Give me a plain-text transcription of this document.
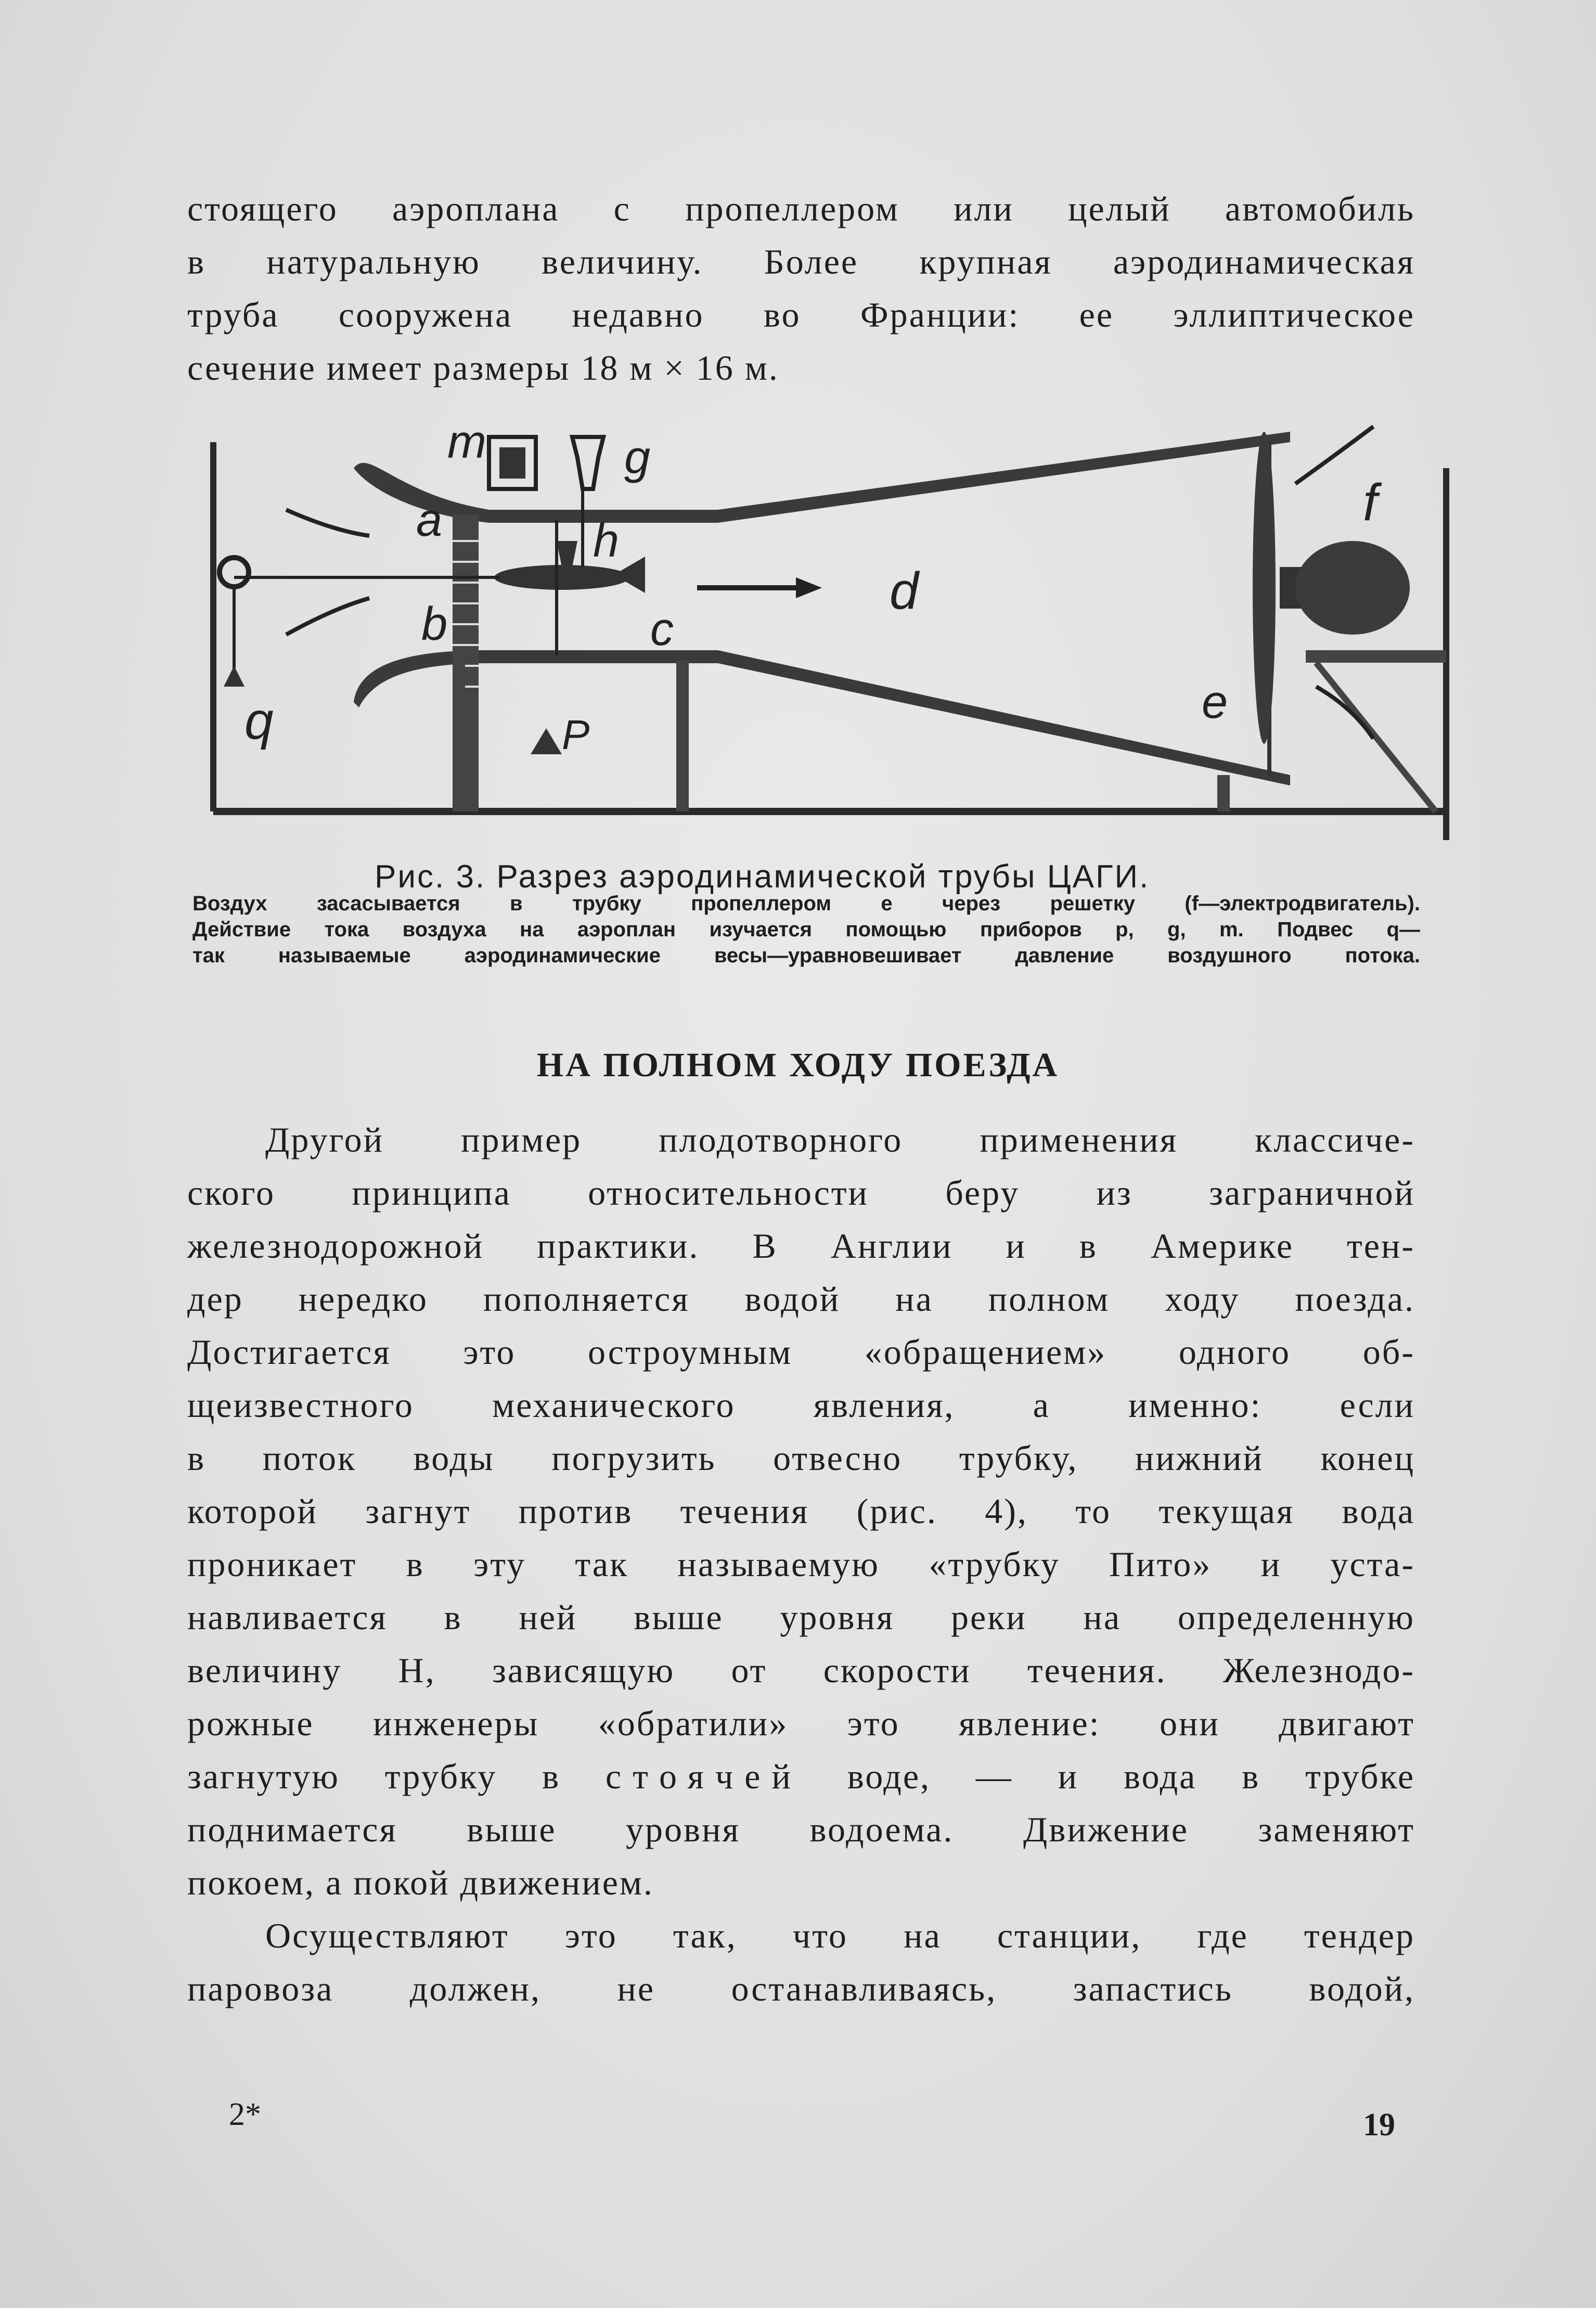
стоящего аэроплана с пропеллером или целый автомобиль
в натуральную величину. Более крупная аэродинамическая
труба сооружена недавно во Франции: ее эллиптическое
сечение имеет размеры 18 м × 16 м.
m	g
a	h
b	c
d
f
e
q	P
Рис. 3. Разрез аэродинамической трубы ЦАГИ.
Воздух засасывается в трубку пропеллером e через решетку (f—электродвигатель).
Действие тока воздуха на аэроплан изучается помощью приборов p, g, m. Подвес q—
так называемые аэродинамические весы—уравновешивает давление воздушного потока.
НА ПОЛНОМ ХОДУ ПОЕЗДА
Другой пример плодотворного применения классиче-
ского принципа относительности беру из заграничной
железнодорожной практики. В Англии и в Америке тен-
дер нередко пополняется водой на полном ходу поезда.
Достигается это остроумным «обращением» одного об-
щеизвестного механического явления, а именно: если
в поток воды погрузить отвесно трубку, нижний конец
которой загнут против течения (рис. 4), то текущая вода
проникает в эту так называемую «трубку Пито» и уста-
навливается в ней выше уровня реки на определенную
величину H, зависящую от скорости течения. Железнодо-
рожные инженеры «обратили» это явление: они двигают
загнутую трубку в стоячей воде, — и вода в трубке
поднимается выше уровня водоема. Движение заменяют
покоем, а покой движением.
Осуществляют это так, что на станции, где тендер
паровоза должен, не останавливаясь, запастись водой,
2*	19
